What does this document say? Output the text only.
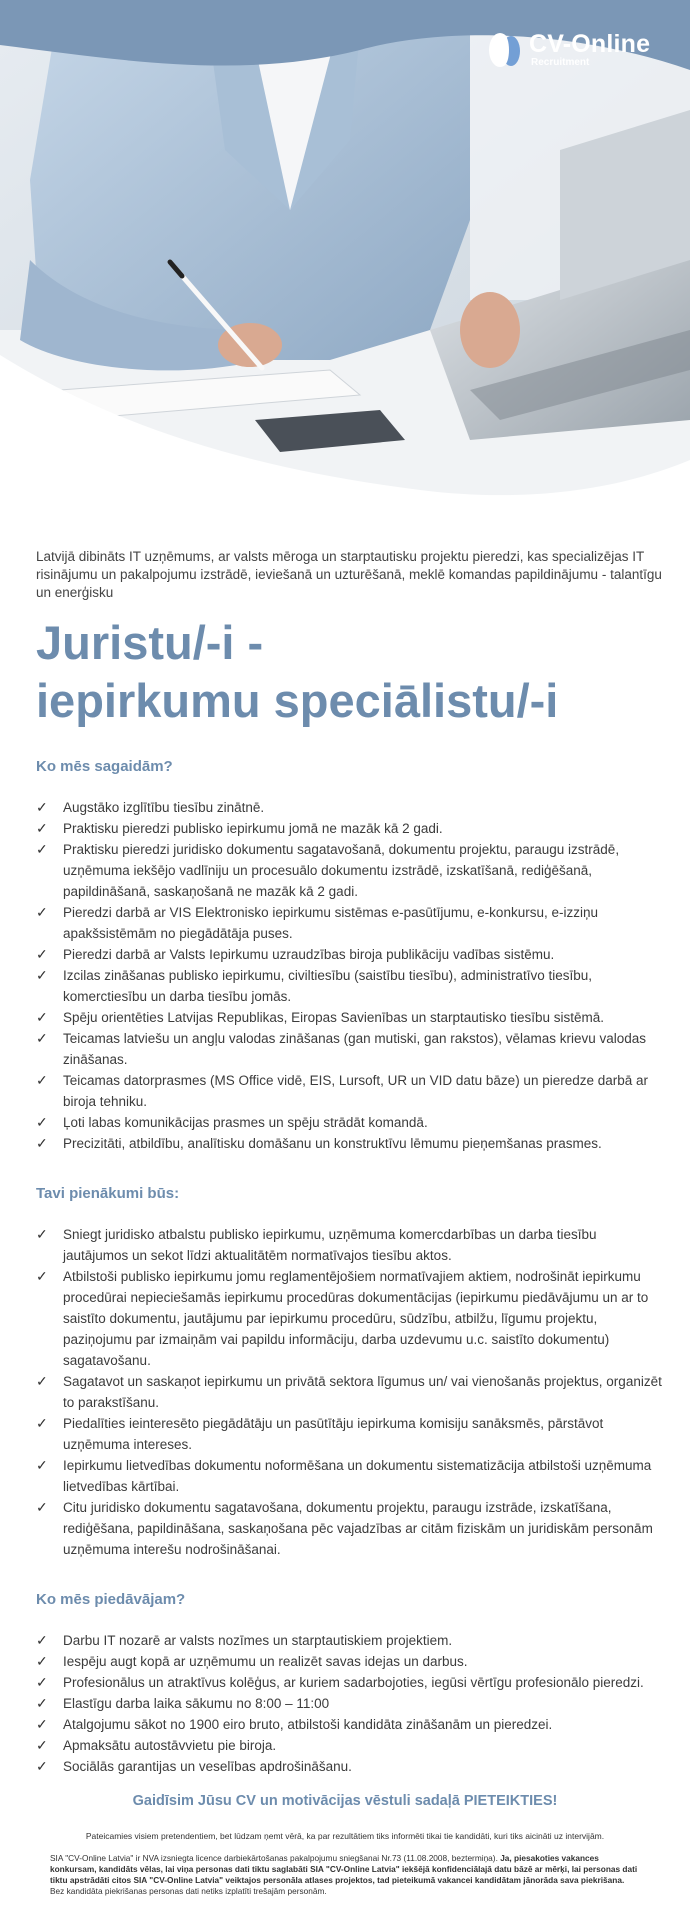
CV-Online
Recruitment

Latvijā dibināts IT uzņēmums, ar valsts mēroga un starptautisku projektu pieredzi, kas specializējas IT risinājumu un pakalpojumu izstrādē, ieviešanā un uzturēšanā, meklē komandas papildinājumu - talantīgu un enerģisku

Juristu/-i -
iepirkumu speciālistu/-i
Ko mēs sagaidām?
✓ Augstāko izglītību tiesību zinātnē.
✓ Praktisku pieredzi publisko iepirkumu jomā ne mazāk kā 2 gadi.
✓ Praktisku pieredzi juridisko dokumentu sagatavošanā, dokumentu projektu, paraugu izstrādē, uzņēmuma iekšējo vadlīniju un procesuālo dokumentu izstrādē, izskatīšanā, rediģēšanā, papildināšanā, saskaņošanā ne mazāk kā 2 gadi.
✓ Pieredzi darbā ar VIS Elektronisko iepirkumu sistēmas e-pasūtījumu, e-konkursu, e-izziņu apakšsistēmām no piegādātāja puses.
✓ Pieredzi darbā ar Valsts Iepirkumu uzraudzības biroja publikāciju vadības sistēmu.
✓ Izcilas zināšanas publisko iepirkumu, civiltiesību (saistību tiesību), administratīvo tiesību, komerctiesību un darba tiesību jomās.
✓ Spēju orientēties Latvijas Republikas, Eiropas Savienības un starptautisko tiesību sistēmā.
✓ Teicamas latviešu un angļu valodas zināšanas (gan mutiski, gan rakstos), vēlamas krievu valodas zināšanas.
✓ Teicamas datorprasmes (MS Office vidē, EIS, Lursoft, UR un VID datu bāze) un pieredze darbā ar biroja tehniku.
✓ Ļoti labas komunikācijas prasmes un spēju strādāt komandā.
✓ Precizitāti, atbildību, analītisku domāšanu un konstruktīvu lēmumu pieņemšanas prasmes.
Tavi pienākumi būs:
✓ Sniegt juridisko atbalstu publisko iepirkumu, uzņēmuma komercdarbības un darba tiesību jautājumos un sekot līdzi aktualitātēm normatīvajos tiesību aktos.
✓ Atbilstoši publisko iepirkumu jomu reglamentējošiem normatīvajiem aktiem, nodrošināt iepirkumu procedūrai nepieciešamās iepirkumu procedūras dokumentācijas (iepirkumu piedāvājumu un ar to saistīto dokumentu, jautājumu par iepirkumu procedūru, sūdzību, atbilžu, līgumu projektu, paziņojumu par izmaiņām vai papildu informāciju, darba uzdevumu u.c. saistīto dokumentu) sagatavošanu.
✓ Sagatavot un saskaņot iepirkumu un privātā sektora līgumus un/ vai vienošanās projektus, organizēt to parakstīšanu.
✓ Piedalīties ieinteresēto piegādātāju un pasūtītāju iepirkuma komisiju sanāksmēs, pārstāvot uzņēmuma intereses.
✓ Iepirkumu lietvedības dokumentu noformēšana un dokumentu sistematizācija atbilstoši uzņēmuma lietvedības kārtībai.
✓ Citu juridisko dokumentu sagatavošana, dokumentu projektu, paraugu izstrāde, izskatīšana, rediģēšana, papildināšana, saskaņošana pēc vajadzības ar citām fiziskām un juridiskām personām uzņēmuma interešu nodrošināšanai.
Ko mēs piedāvājam?
✓ Darbu IT nozarē ar valsts nozīmes un starptautiskiem projektiem.
✓ Iespēju augt kopā ar uzņēmumu un realizēt savas idejas un darbus.
✓ Profesionālus un atraktīvus kolēģus, ar kuriem sadarbojoties, iegūsi vērtīgu profesionālo pieredzi.
✓ Elastīgu darba laika sākumu no 8:00 – 11:00
✓ Atalgojumu sākot no 1900 eiro bruto, atbilstoši kandidāta zināšanām un pieredzei.
✓ Apmaksātu autostāvvietu pie biroja.
✓ Sociālās garantijas un veselības apdrošināšanu.
Gaidīsim Jūsu CV un motivācijas vēstuli sadaļā PIETEIKTIES!
Pateicamies visiem pretendentiem, bet lūdzam ņemt vērā, ka par rezultātiem tiks informēti tikai tie kandidāti, kuri tiks aicināti uz intervijām.
SIA "CV-Online Latvia" ir NVA izsniegta licence darbiekārtošanas pakalpojumu sniegšanai Nr.73 (11.08.2008, beztermiņa). Ja, piesakoties vakances konkursam, kandidāts vēlas, lai viņa personas dati tiktu saglabāti SIA "CV-Online Latvia" iekšējā konfidenciālajā datu bāzē ar mērķi, lai personas dati tiktu apstrādāti citos SIA "CV-Online Latvia" veiktajos personāla atlases projektos, tad pieteikumā vakancei kandidātam jānorāda sava piekrišana. Bez kandidāta piekrišanas personas dati netiks izplatīti trešajām personām.
